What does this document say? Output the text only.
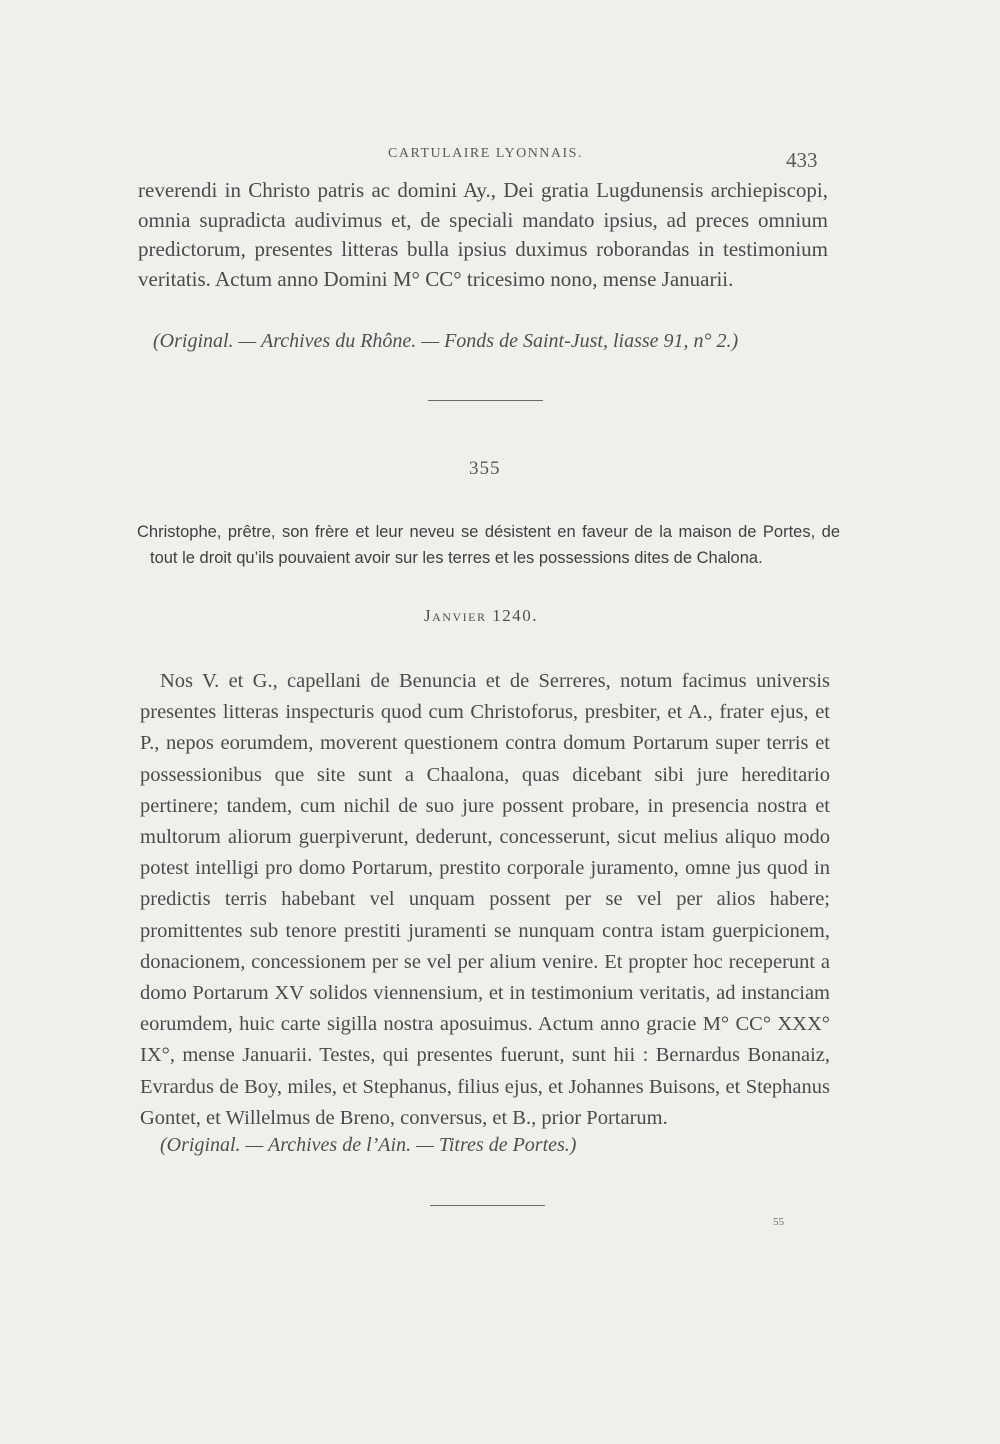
CARTULAIRE LYONNAIS.	433

reverendi in Christo patris ac domini Ay., Dei gratia Lugdunensis archiepiscopi, omnia supradicta audivimus et, de speciali mandato ipsius, ad preces omnium predictorum, presentes litteras bulla ipsius duximus roborandas in testimonium veritatis. Actum anno Domini M° CC° tricesimo nono, mense Januarii.

(Original. — Archives du Rhône. — Fonds de Saint-Just, liasse 91, n° 2.)
355

Christophe, prêtre, son frère et leur neveu se désistent en faveur de la maison de Portes, de tout le droit qu’ils pouvaient avoir sur les terres et les possessions dites de Chalona.

Janvier 1240.

Nos V. et G., capellani de Benuncia et de Serreres, notum facimus universis presentes litteras inspecturis quod cum Christoforus, presbiter, et A., frater ejus, et P., nepos eorumdem, moverent questionem contra domum Portarum super terris et possessionibus que site sunt a Chaalona, quas dicebant sibi jure hereditario pertinere; tandem, cum nichil de suo jure possent probare, in presencia nostra et multorum aliorum guerpiverunt, dederunt, concesserunt, sicut melius aliquo modo potest intelligi pro domo Portarum, prestito corporale juramento, omne jus quod in predictis terris habebant vel unquam possent per se vel per alios habere; promittentes sub tenore prestiti juramenti se nunquam contra istam guerpicionem, donacionem, concessionem per se vel per alium venire. Et propter hoc receperunt a domo Portarum XV solidos viennensium, et in testimonium veritatis, ad instanciam eorumdem, huic carte sigilla nostra aposuimus. Actum anno gracie M° CC° XXX° IX°, mense Januarii. Testes, qui presentes fuerunt, sunt hii : Bernardus Bonanaiz, Evrardus de Boy, miles, et Stephanus, filius ejus, et Johannes Buisons, et Stephanus Gontet, et Willelmus de Breno, conversus, et B., prior Portarum.

(Original. — Archives de l’Ain. — Titres de Portes.)
55
